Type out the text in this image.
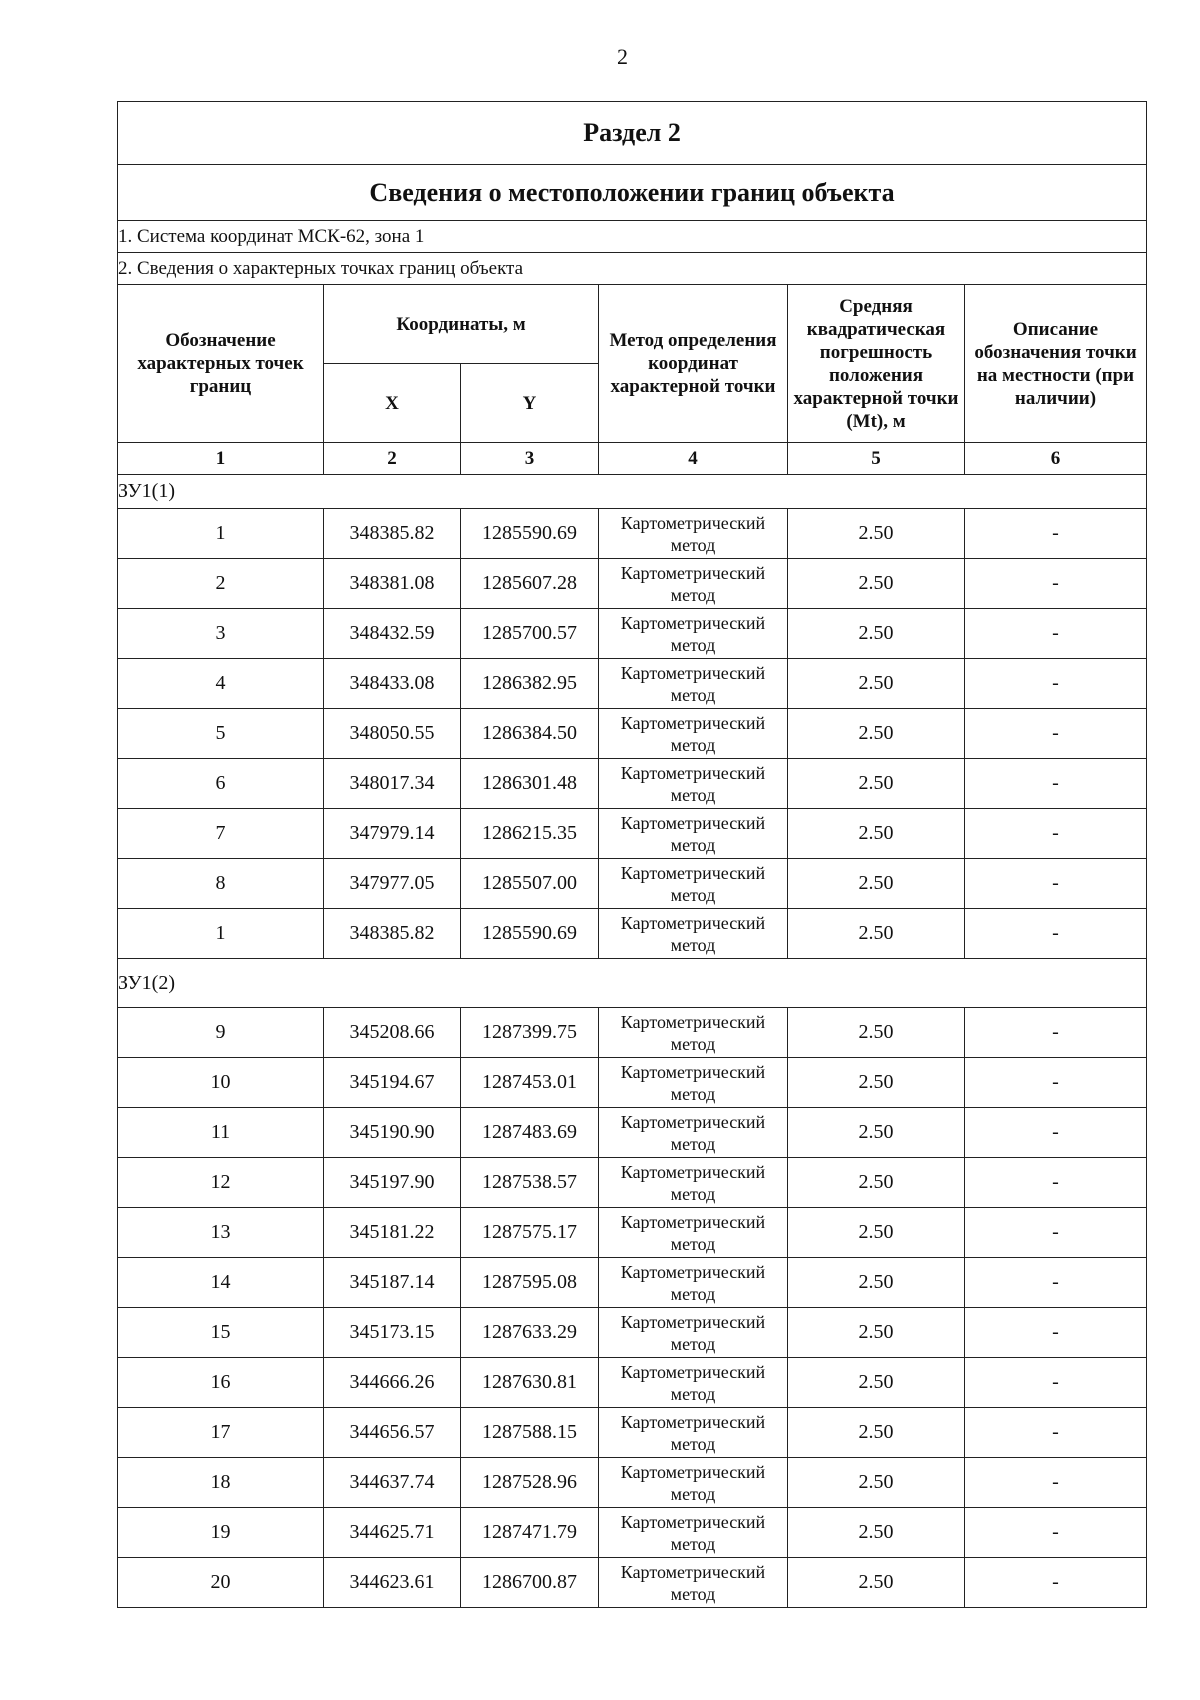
2
Раздел 2					
Сведения о местоположении границ объекта					
1. Система координат МСК-62, зона 1					
2. Сведения о характерных точках границ объекта					
Обозначение характерных точек границ	Координаты, м		Метод определения координат характерной точки	Средняя квадратическая погрешность положения характерной точки (Mt), м	Описание обозначения точки на местности (при наличии)
	X	Y			
1	2	3	4	5	6
ЗУ1(1)					
1	348385.82	1285590.69	Картометрический метод	2.50	-
2	348381.08	1285607.28	Картометрический метод	2.50	-
3	348432.59	1285700.57	Картометрический метод	2.50	-
4	348433.08	1286382.95	Картометрический метод	2.50	-
5	348050.55	1286384.50	Картометрический метод	2.50	-
6	348017.34	1286301.48	Картометрический метод	2.50	-
7	347979.14	1286215.35	Картометрический метод	2.50	-
8	347977.05	1285507.00	Картометрический метод	2.50	-
1	348385.82	1285590.69	Картометрический метод	2.50	-
ЗУ1(2)					
9	345208.66	1287399.75	Картометрический метод	2.50	-
10	345194.67	1287453.01	Картометрический метод	2.50	-
11	345190.90	1287483.69	Картометрический метод	2.50	-
12	345197.90	1287538.57	Картометрический метод	2.50	-
13	345181.22	1287575.17	Картометрический метод	2.50	-
14	345187.14	1287595.08	Картометрический метод	2.50	-
15	345173.15	1287633.29	Картометрический метод	2.50	-
16	344666.26	1287630.81	Картометрический метод	2.50	-
17	344656.57	1287588.15	Картометрический метод	2.50	-
18	344637.74	1287528.96	Картометрический метод	2.50	-
19	344625.71	1287471.79	Картометрический метод	2.50	-
20	344623.61	1286700.87	Картометрический метод	2.50	-
